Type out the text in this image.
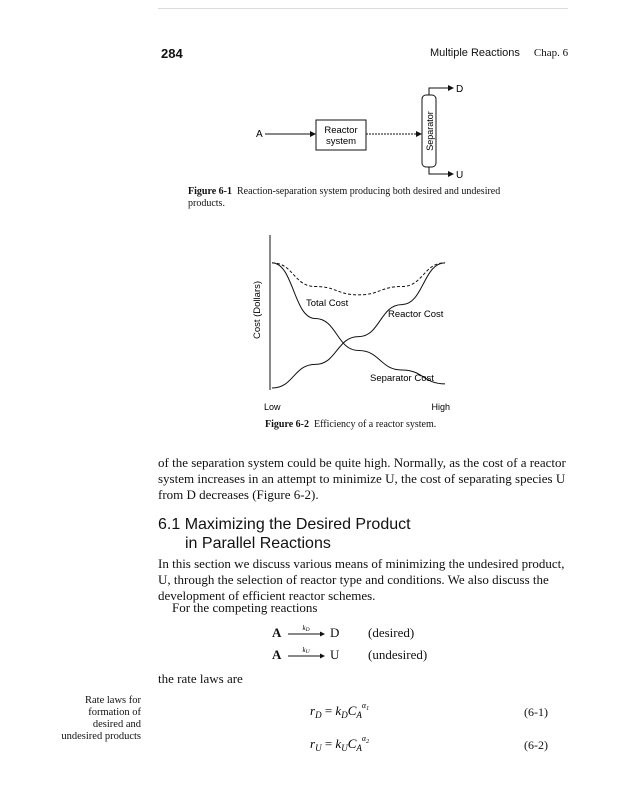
284	Multiple Reactions Chap. 6
A	Reactor
system	Separator
D
U
Figure 6-1 Reaction-separation system producing both desired and undesired products.
Cost (Dollars)	Total Cost
Reactor Cost
Separator Cost
Low	High
Figure 6-2 Efficiency of a reactor system.
of the separation system could be quite high. Normally, as the cost of a reactor system increases in an attempt to minimize U, the cost of separating species U from D decreases (Figure 6-2).
6.1 Maximizing the Desired Product
in Parallel Reactions
In this section we discuss various means of minimizing the undesired product, U, through the selection of reactor type and conditions. We also discuss the development of efficient reactor schemes.
For the competing reactions
A	kD D (desired)
A	kU U (undesired)
the rate laws are
Rate laws for
formation of
desired and
undesired products
$r_D = k_DC_A^\alpha 1$	(6-1)
$r_U = k_UC_A^\alpha 2$	(6-2)
